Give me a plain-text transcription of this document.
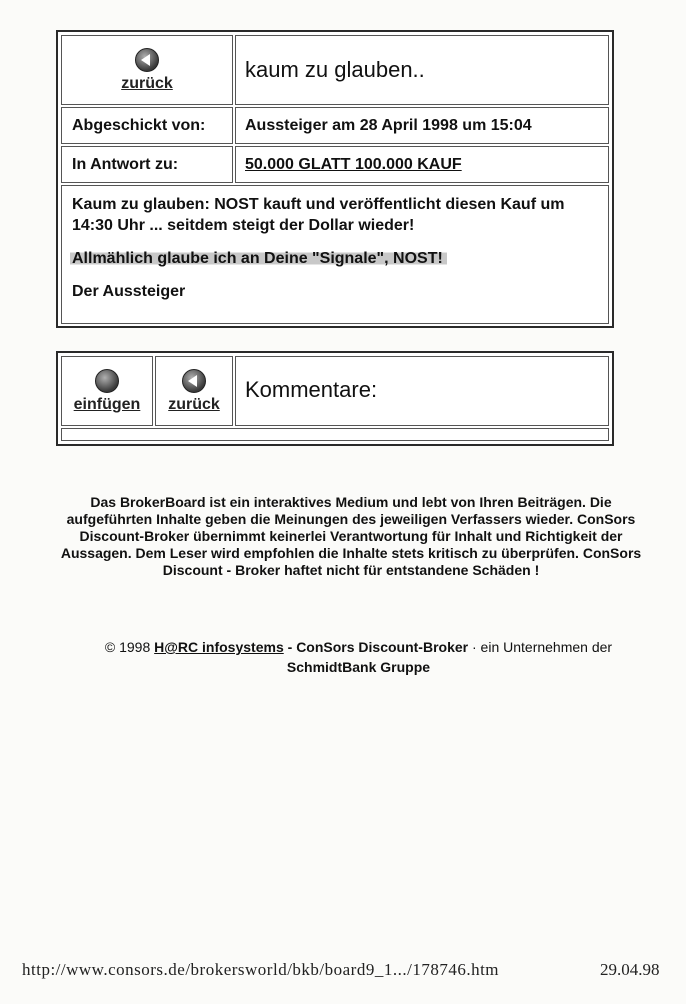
zurück
kaum zu glauben..
Abgeschickt von:	Aussteiger am 28 April 1998 um 15:04
In Antwort zu:	50.000 GLATT 100.000 KAUF

Kaum zu glauben: NOST kauft und veröffentlicht diesen Kauf um 14:30 Uhr ... seitdem steigt der Dollar wieder!

Allmählich glaube ich an Deine "Signale", NOST!

Der Aussteiger

einfügen zurück
Kommentare:
Das BrokerBoard ist ein interaktives Medium und lebt von Ihren Beiträgen. Die aufgeführten Inhalte geben die Meinungen des jeweiligen Verfassers wieder. ConSors Discount-Broker übernimmt keinerlei Verantwortung für Inhalt und Richtigkeit der Aussagen. Dem Leser wird empfohlen die Inhalte stets kritisch zu überprüfen. ConSors Discount - Broker haftet nicht für entstandene Schäden !
© 1998 H@RC infosystems - ConSors Discount-Broker · ein Unternehmen der
SchmidtBank Gruppe
http://www.consors.de/brokersworld/bkb/board9_1.../178746.htm	29.04.98
